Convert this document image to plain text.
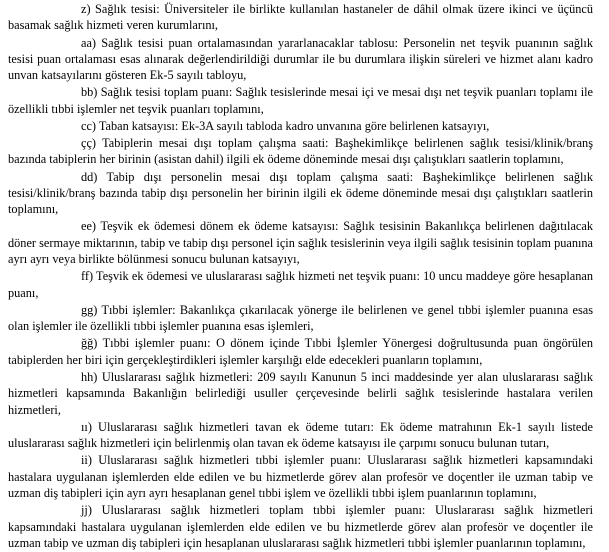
z) Sağlık tesisi: Üniversiteler ile birlikte kullanılan hastaneler de dâhil olmak üzere ikinci ve üçüncü basamak sağlık hizmeti veren kurumlarını,

aa) Sağlık tesisi puan ortalamasından yararlanacaklar tablosu: Personelin net teşvik puanının sağlık tesisi puan ortalaması esas alınarak değerlendirildiği durumlar ile bu durumlara ilişkin süreleri ve hizmet alanı kadro unvan katsayılarını gösteren Ek-5 sayılı tabloyu,

bb) Sağlık tesisi toplam puanı: Sağlık tesislerinde mesai içi ve mesai dışı net teşvik puanları toplamı ile özellikli tıbbi işlemler net teşvik puanları toplamını,

cc) Taban katsayısı: Ek-3A sayılı tabloda kadro unvanına göre belirlenen katsayıyı,

çç) Tabiplerin mesai dışı toplam çalışma saati: Başhekimlikçe belirlenen sağlık tesisi/klinik/branş bazında tabiplerin her birinin (asistan dahil) ilgili ek ödeme döneminde mesai dışı çalıştıkları saatlerin toplamını,

dd) Tabip dışı personelin mesai dışı toplam çalışma saati: Başhekimlikçe belirlenen sağlık tesisi/klinik/branş bazında tabip dışı personelin her birinin ilgili ek ödeme döneminde mesai dışı çalıştıkları saatlerin toplamını,

ee) Teşvik ek ödemesi dönem ek ödeme katsayısı: Sağlık tesisinin Bakanlıkça belirlenen dağıtılacak döner sermaye miktarının, tabip ve tabip dışı personel için sağlık tesislerinin veya ilgili sağlık tesisinin toplam puanına ayrı ayrı veya birlikte bölünmesi sonucu bulunan katsayıyı,

ff) Teşvik ek ödemesi ve uluslararası sağlık hizmeti net teşvik puanı: 10 uncu maddeye göre hesaplanan puanı,

gg) Tıbbi işlemler: Bakanlıkça çıkarılacak yönerge ile belirlenen ve genel tıbbi işlemler puanına esas olan işlemler ile özellikli tıbbi işlemler puanına esas işlemleri,

ğğ) Tıbbi işlemler puanı: O dönem içinde Tıbbi İşlemler Yönergesi doğrultusunda puan öngörülen tabiplerden her biri için gerçekleştirdikleri işlemler karşılığı elde edecekleri puanların toplamını,

hh) Uluslararası sağlık hizmetleri: 209 sayılı Kanunun 5 inci maddesinde yer alan uluslararası sağlık hizmetleri kapsamında Bakanlığın belirlediği usuller çerçevesinde belirli sağlık tesislerinde hastalara verilen hizmetleri,

ıı) Uluslararası sağlık hizmetleri tavan ek ödeme tutarı: Ek ödeme matrahının Ek-1 sayılı listede uluslararası sağlık hizmetleri için belirlenmiş olan tavan ek ödeme katsayısı ile çarpımı sonucu bulunan tutarı,

ii) Uluslararası sağlık hizmetleri tıbbi işlemler puanı: Uluslararası sağlık hizmetleri kapsamındaki hastalara uygulanan işlemlerden elde edilen ve bu hizmetlerde görev alan profesör ve doçentler ile uzman tabip ve uzman diş tabipleri için ayrı ayrı hesaplanan genel tıbbi işlem ve özellikli tıbbi işlem puanlarının toplamını,

jj) Uluslararası sağlık hizmetleri toplam tıbbi işlemler puanı: Uluslararası sağlık hizmetleri kapsamındaki hastalara uygulanan işlemlerden elde edilen ve bu hizmetlerde görev alan profesör ve doçentler ile uzman tabip ve uzman diş tabipleri için hesaplanan uluslararası sağlık hizmetleri tıbbi işlemler puanlarının toplamını,
